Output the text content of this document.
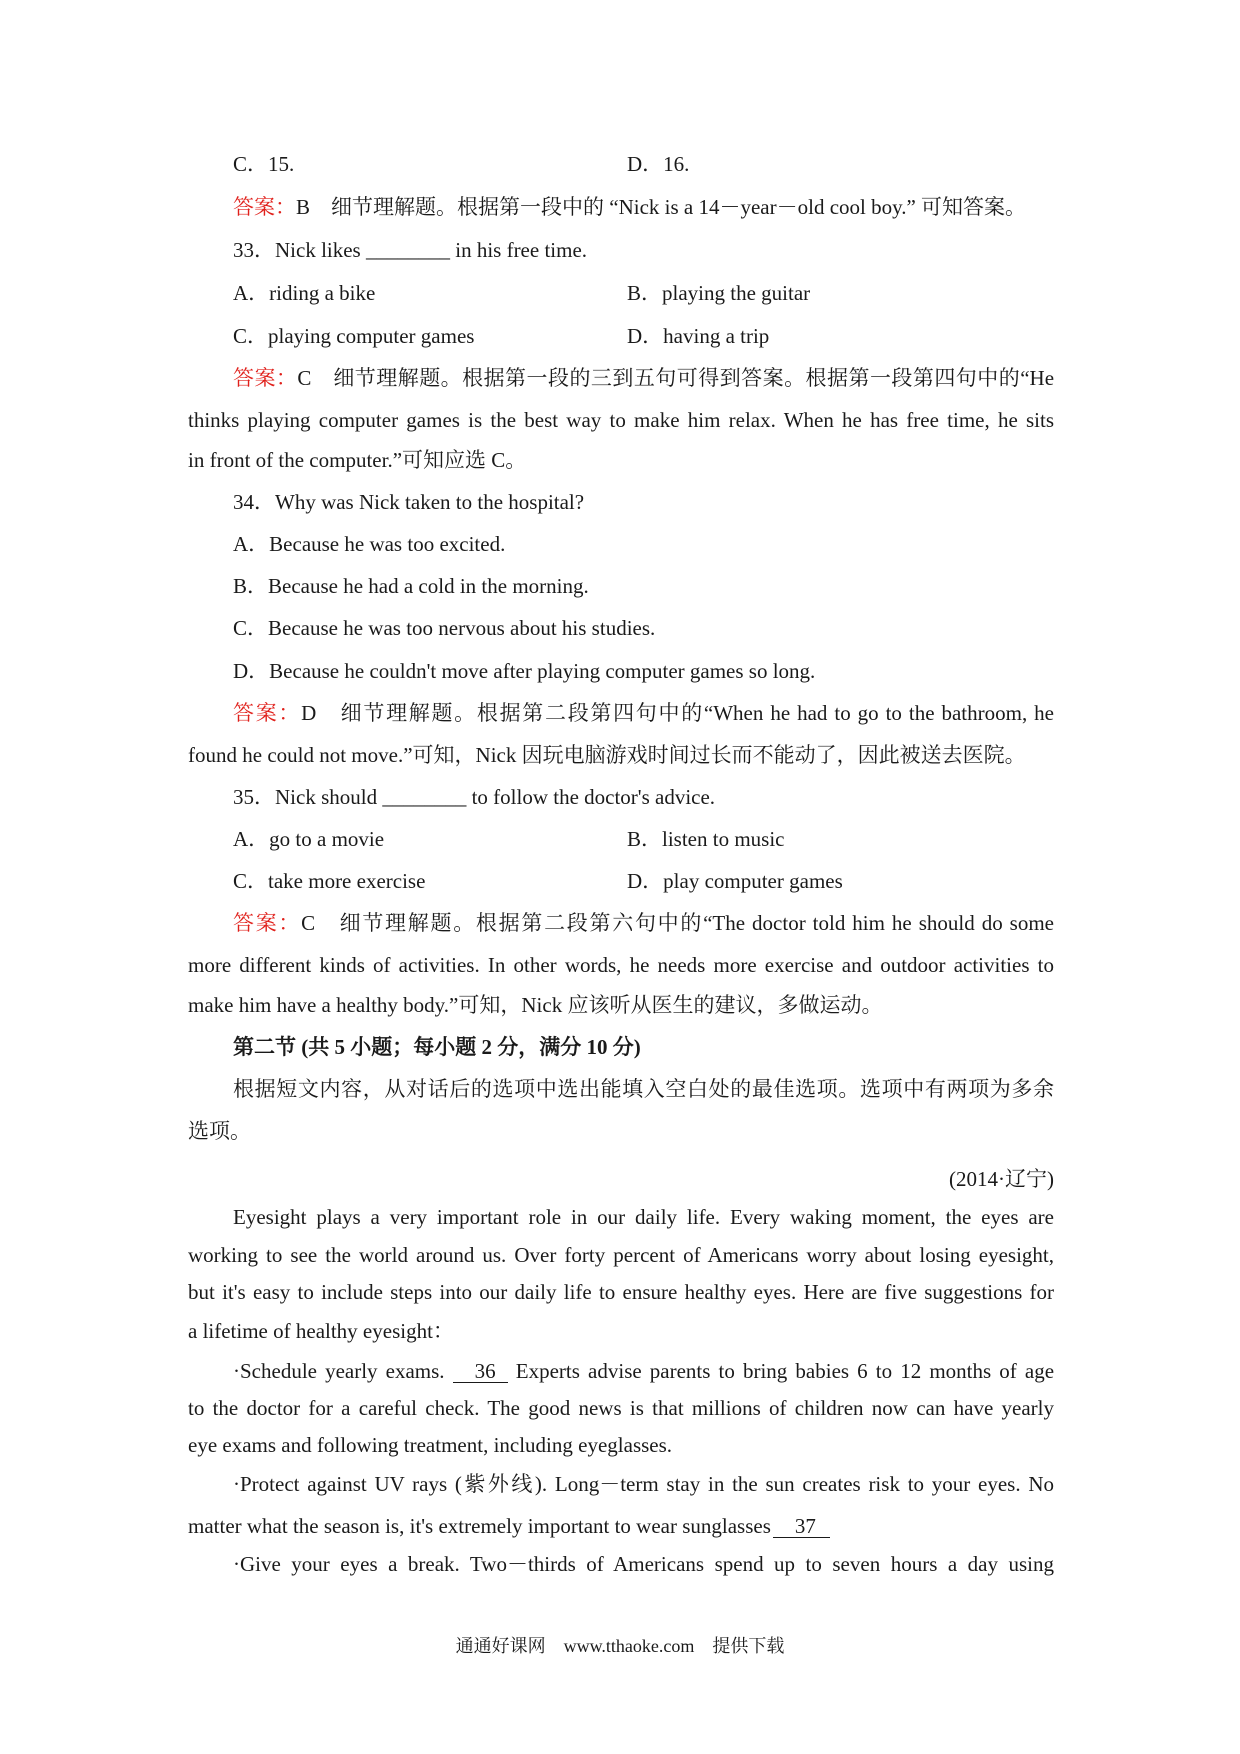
C．15.	D．16.
答案：B　细节理解题。根据第一段中的 “Nick is a 14－year－old cool boy.” 可知答案。
33．Nick likes ________ in his free time.
A．riding a bike	B．playing the guitar
C．playing computer games	D．having a trip
答案：C　细节理解题。根据第一段的三到五句可得到答案。根据第一段第四句中的“He
thinks playing computer games is the best way to make him relax. When he has free time, he sits
in front of the computer.”可知应选 C。
34．Why was Nick taken to the hospital?
A．Because he was too excited.
B．Because he had a cold in the morning.
C．Because he was too nervous about his studies.
D．Because he couldn't move after playing computer games so long.
答案：D　细节理解题。根据第二段第四句中的“When he had to go to the bathroom, he
found he could not move.”可知，Nick 因玩电脑游戏时间过长而不能动了，因此被送去医院。
35．Nick should ________ to follow the doctor's advice.
A．go to a movie	B．listen to music
C．take more exercise	D．play computer games
答案：C　细节理解题。根据第二段第六句中的“The doctor told him he should do some
more different kinds of activities. In other words, he needs more exercise and outdoor activities to
make him have a healthy body.”可知，Nick 应该听从医生的建议，多做运动。
第二节 (共 5 小题；每小题 2 分，满分 10 分)
根据短文内容，从对话后的选项中选出能填入空白处的最佳选项。选项中有两项为多余
选项。
(2014·辽宁)
Eyesight plays a very important role in our daily life. Every waking moment, the eyes are
working to see the world around us. Over forty percent of Americans worry about losing eyesight,
but it's easy to include steps into our daily life to ensure healthy eyes. Here are five suggestions for
a lifetime of healthy eyesight：
·Schedule yearly exams. 36 Experts advise parents to bring babies 6 to 12 months of age
to the doctor for a careful check. The good news is that millions of children now can have yearly
eye exams and following treatment, including eyeglasses.
·Protect against UV rays (紫外线). Long－term stay in the sun creates risk to your eyes. No
matter what the season is, it's extremely important to wear sunglasses 37
·Give your eyes a break. Two－thirds of Americans spend up to seven hours a day using
通通好课网　www.tthaoke.com　提供下载
